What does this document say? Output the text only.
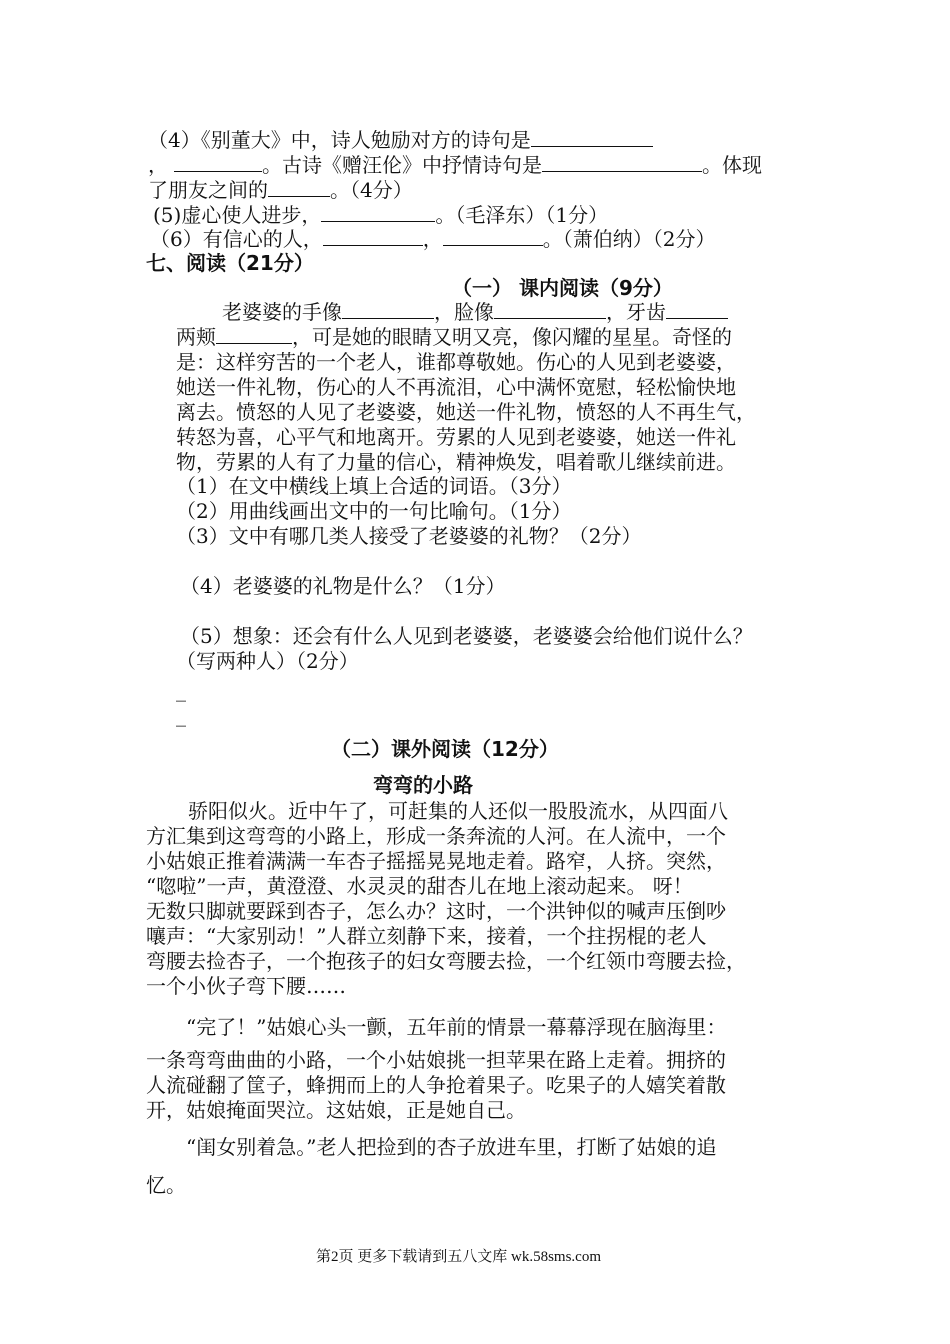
（4）《别董大》中，诗人勉励对方的诗句是
，	。古诗《赠汪伦》中抒情诗句是	。体现
了朋友之间的	。（4分）
(5)虚心使人进步，	。（毛泽东）（1分）
（6）有信心的人，	，	。（萧伯纳）（2分）
七、阅读（21分）
（一） 课内阅读（9分）
老婆婆的手像	，脸像	，牙齿
两颊	，可是她的眼睛又明又亮，像闪耀的星星。奇怪的
是：这样穷苦的一个老人，谁都尊敬她。伤心的人见到老婆婆，
她送一件礼物，伤心的人不再流泪，心中满怀宽慰，轻松愉快地
离去。愤怒的人见了老婆婆，她送一件礼物，愤怒的人不再生气，
转怒为喜，心平气和地离开。劳累的人见到老婆婆，她送一件礼
物，劳累的人有了力量的信心，精神焕发，唱着歌儿继续前进。
（1）在文中横线上填上合适的词语。（3分）
（2）用曲线画出文中的一句比喻句。（1分）
（3）文中有哪几类人接受了老婆婆的礼物？（2分）
（4）老婆婆的礼物是什么？（1分）
（5）想象：还会有什么人见到老婆婆，老婆婆会给他们说什么？
（写两种人）（2分）
_
_
（二）课外阅读（12分）
弯弯的小路
骄阳似火。近中午了，可赶集的人还似一股股流水，从四面八
方汇集到这弯弯的小路上，形成一条奔流的人河。在人流中，一个
小姑娘正推着满满一车杏子摇摇晃晃地走着。路窄，人挤。突然，
“唿啦”一声，黄澄澄、水灵灵的甜杏儿在地上滚动起来。 呀！
无数只脚就要踩到杏子，怎么办？这时，一个洪钟似的喊声压倒吵
嚷声：“大家别动！”人群立刻静下来，接着，一个拄拐棍的老人
弯腰去捡杏子，一个抱孩子的妇女弯腰去捡，一个红领巾弯腰去捡，
一个小伙子弯下腰……
“完了！”姑娘心头一颤，五年前的情景一幕幕浮现在脑海里：
一条弯弯曲曲的小路，一个小姑娘挑一担苹果在路上走着。拥挤的
人流碰翻了筐子，蜂拥而上的人争抢着果子。吃果子的人嬉笑着散
开，姑娘掩面哭泣。这姑娘，正是她自己。
“闺女别着急。”老人把捡到的杏子放进车里，打断了姑娘的追
忆。
第2页 更多下载请到五八文库 wk.58sms.com
